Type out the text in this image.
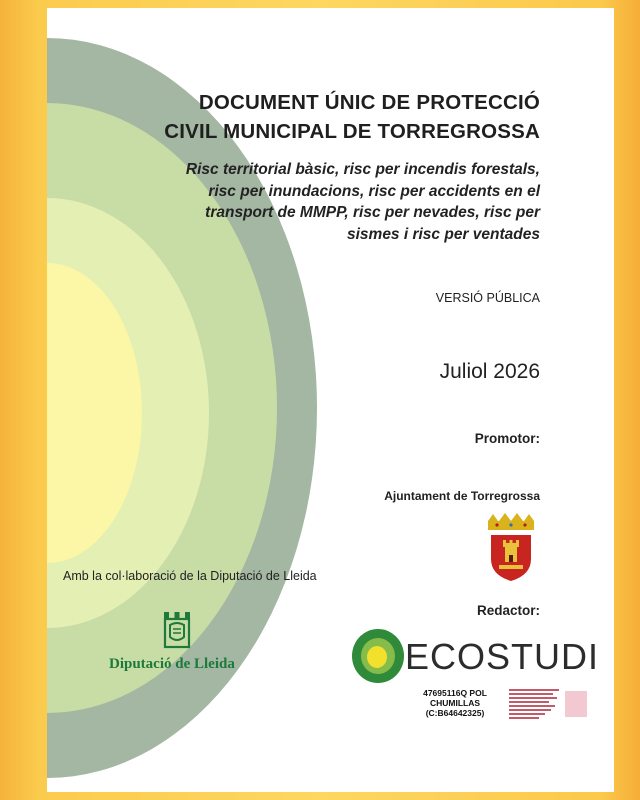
DOCUMENT ÚNIC DE PROTECCIÓ
CIVIL MUNICIPAL DE TORREGROSSA
Risc territorial bàsic, risc per incendis forestals,
risc per inundacions, risc per accidents en el
transport de MMPP, risc per nevades, risc per
sismes i risc per ventades
VERSIÓ PÚBLICA
Juliol 2026
Promotor:
Ajuntament de Torregrossa
Amb la col·laboració de la Diputació de Lleida
Redactor:
Diputació de Lleida	ECOSTUDI
47695116Q POL
CHUMILLAS
(C:B64642325)
